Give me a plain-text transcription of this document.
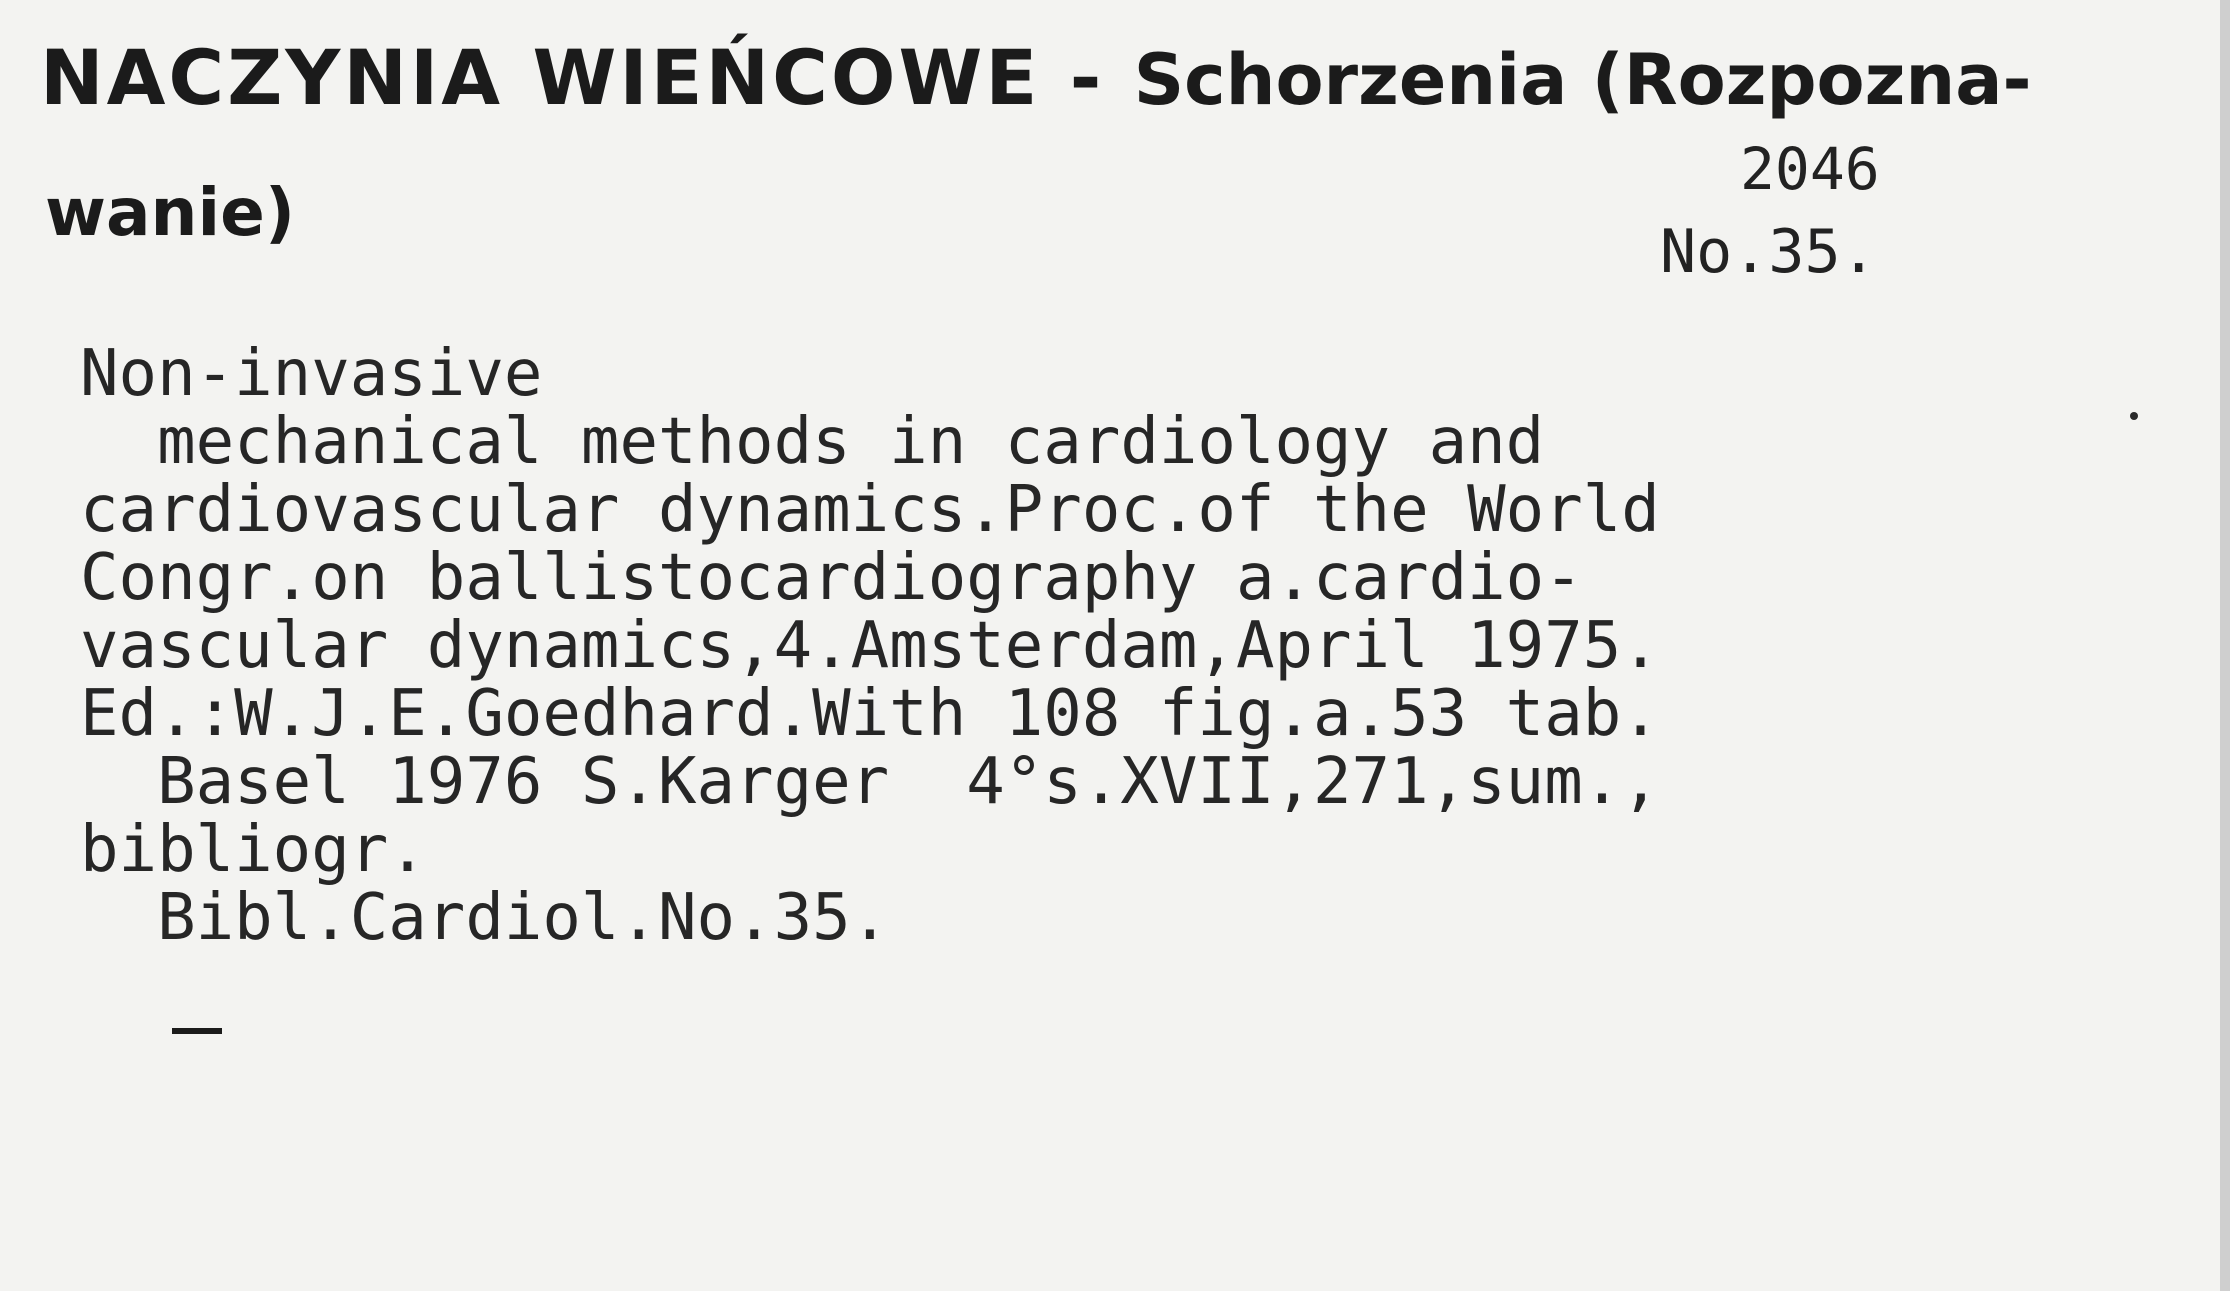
NACZYNIA WIEŃCOWE - Schorzenia (Rozpozna-
wanie)
2046
No.35.
Non-invasive
mechanical methods in cardiology and
cardiovascular dynamics.Proc.of the World
Congr.on ballistocardiography a.cardio-
vascular dynamics,4.Amsterdam,April 1975.
Ed.:W.J.E.Goedhard.With 108 fig.a.53 tab.
Basel 1976 S.Karger  4°s.XVII,271,sum.,
bibliogr.
Bibl.Cardiol.No.35.
